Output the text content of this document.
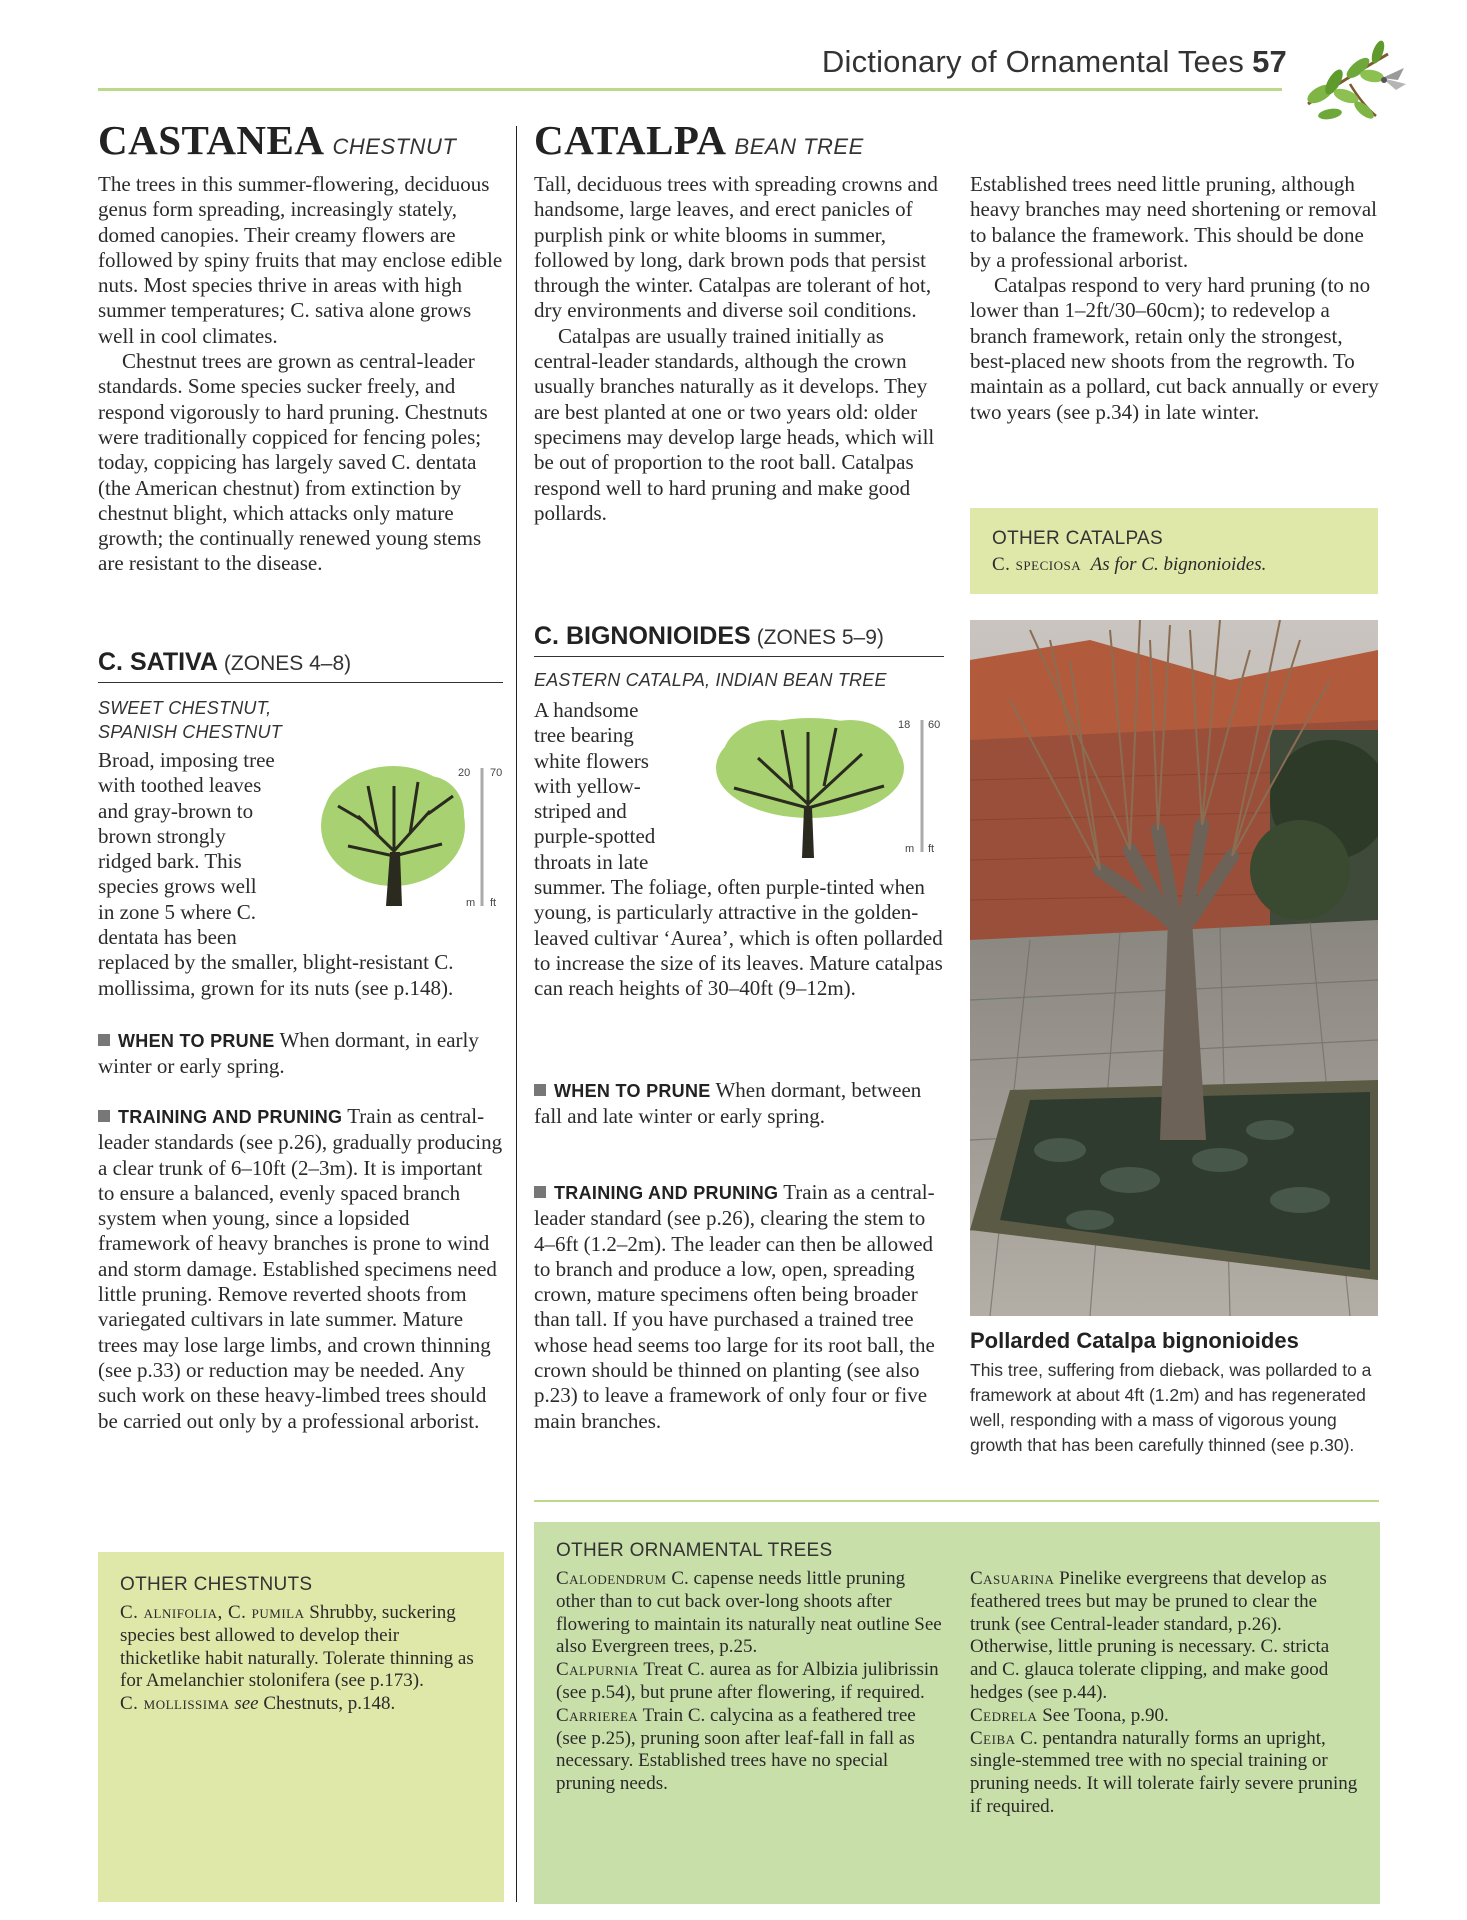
Dictionary of Ornamental Tees 57
CASTANEA CHESTNUT

The trees in this summer-flowering, deciduous genus form spreading, increasingly stately, domed canopies. Their creamy flowers are followed by spiny fruits that may enclose edible nuts. Most species thrive in areas with high summer temperatures; C. sativa alone grows well in cool climates.

Chestnut trees are grown as central-leader standards. Some species sucker freely, and respond vigorously to hard pruning. Chestnuts were traditionally coppiced for fencing poles; today, coppicing has largely saved C. dentata (the American chestnut) from extinction by chestnut blight, which attacks only mature growth; the continually renewed young stems are resistant to the disease.

C. SATIVA (ZONES 4–8)
SWEET CHESTNUT,
SPANISH CHESTNUT
20 70
m ft

Broad, imposing tree with toothed leaves and gray-brown to brown strongly ridged bark. This species grows well in zone 5 where C. dentata has been replaced by the smaller, blight-resistant C. mollissima, grown for its nuts (see p.148).

WHEN TO PRUNE When dormant, in early winter or early spring.

TRAINING AND PRUNING Train as central-leader standards (see p.26), gradually producing a clear trunk of 6–10ft (2–3m). It is important to ensure a balanced, evenly spaced branch system when young, since a lopsided framework of heavy branches is prone to wind and storm damage. Established specimens need little pruning. Remove reverted shoots from variegated cultivars in late summer. Mature trees may lose large limbs, and crown thinning (see p.33) or reduction may be needed. Any such work on these heavy-limbed trees should be carried out only by a professional arborist.

OTHER CHESTNUTS

C. alnifolia, C. pumila Shrubby, suckering species best allowed to develop their thicketlike habit naturally. Tolerate thinning as for Amelanchier stolonifera (see p.173).

C. mollissima see Chestnuts, p.148.

CATALPA BEAN TREE

Tall, deciduous trees with spreading crowns and handsome, large leaves, and erect panicles of purplish pink or white blooms in summer, followed by long, dark brown pods that persist through the winter. Catalpas are tolerant of hot, dry environments and diverse soil conditions.

Catalpas are usually trained initially as central-leader standards, although the crown usually branches naturally as it develops. They are best planted at one or two years old: older specimens may develop large heads, which will be out of proportion to the root ball. Catalpas respond well to hard pruning and make good pollards.

C. BIGNONIOIDES (ZONES 5–9)
EASTERN CATALPA, INDIAN BEAN TREE
18 60
m ft

A handsome tree bearing white flowers with yellow-striped and purple-spotted throats in late summer. The foliage, often purple-tinted when young, is particularly attractive in the golden-leaved cultivar ‘Aurea’, which is often pollarded to increase the size of its leaves. Mature catalpas can reach heights of 30–40ft (9–12m).

WHEN TO PRUNE When dormant, between fall and late winter or early spring.

TRAINING AND PRUNING Train as a central-leader standard (see p.26), clearing the stem to 4–6ft (1.2–2m). The leader can then be allowed to branch and produce a low, open, spreading crown, mature specimens often being broader than tall. If you have purchased a trained tree whose head seems too large for its root ball, the crown should be thinned on planting (see also p.23) to leave a framework of only four or five main branches.

Established trees need little pruning, although heavy branches may need shortening or removal to balance the framework. This should be done by a professional arborist.

Catalpas respond to very hard pruning (to no lower than 1–2ft/30–60cm); to redevelop a branch framework, retain only the strongest, best-placed new shoots from the regrowth. To maintain as a pollard, cut back annually or every two years (see p.34) in late winter.

OTHER CATALPAS
C. speciosa As for C. bignonioides.
Pollarded Catalpa bignonioides
This tree, suffering from dieback, was pollarded to a framework at about 4ft (1.2m) and has regenerated well, responding with a mass of vigorous young growth that has been carefully thinned (see p.30).
OTHER ORNAMENTAL TREES

Calodendrum C. capense needs little pruning other than to cut back over-long shoots after flowering to maintain its naturally neat outline See also Evergreen trees, p.25.

Calpurnia Treat C. aurea as for Albizia julibrissin (see p.54), but prune after flowering, if required.

Carrierea Train C. calycina as a feathered tree (see p.25), pruning soon after leaf-fall in fall as necessary. Established trees have no special pruning needs.

Casuarina Pinelike evergreens that develop as feathered trees but may be pruned to clear the trunk (see Central-leader standard, p.26). Otherwise, little pruning is necessary. C. stricta and C. glauca tolerate clipping, and make good hedges (see p.44).

Cedrela See Toona, p.90.

Ceiba C. pentandra naturally forms an upright, single-stemmed tree with no special training or pruning needs. It will tolerate fairly severe pruning if required.
